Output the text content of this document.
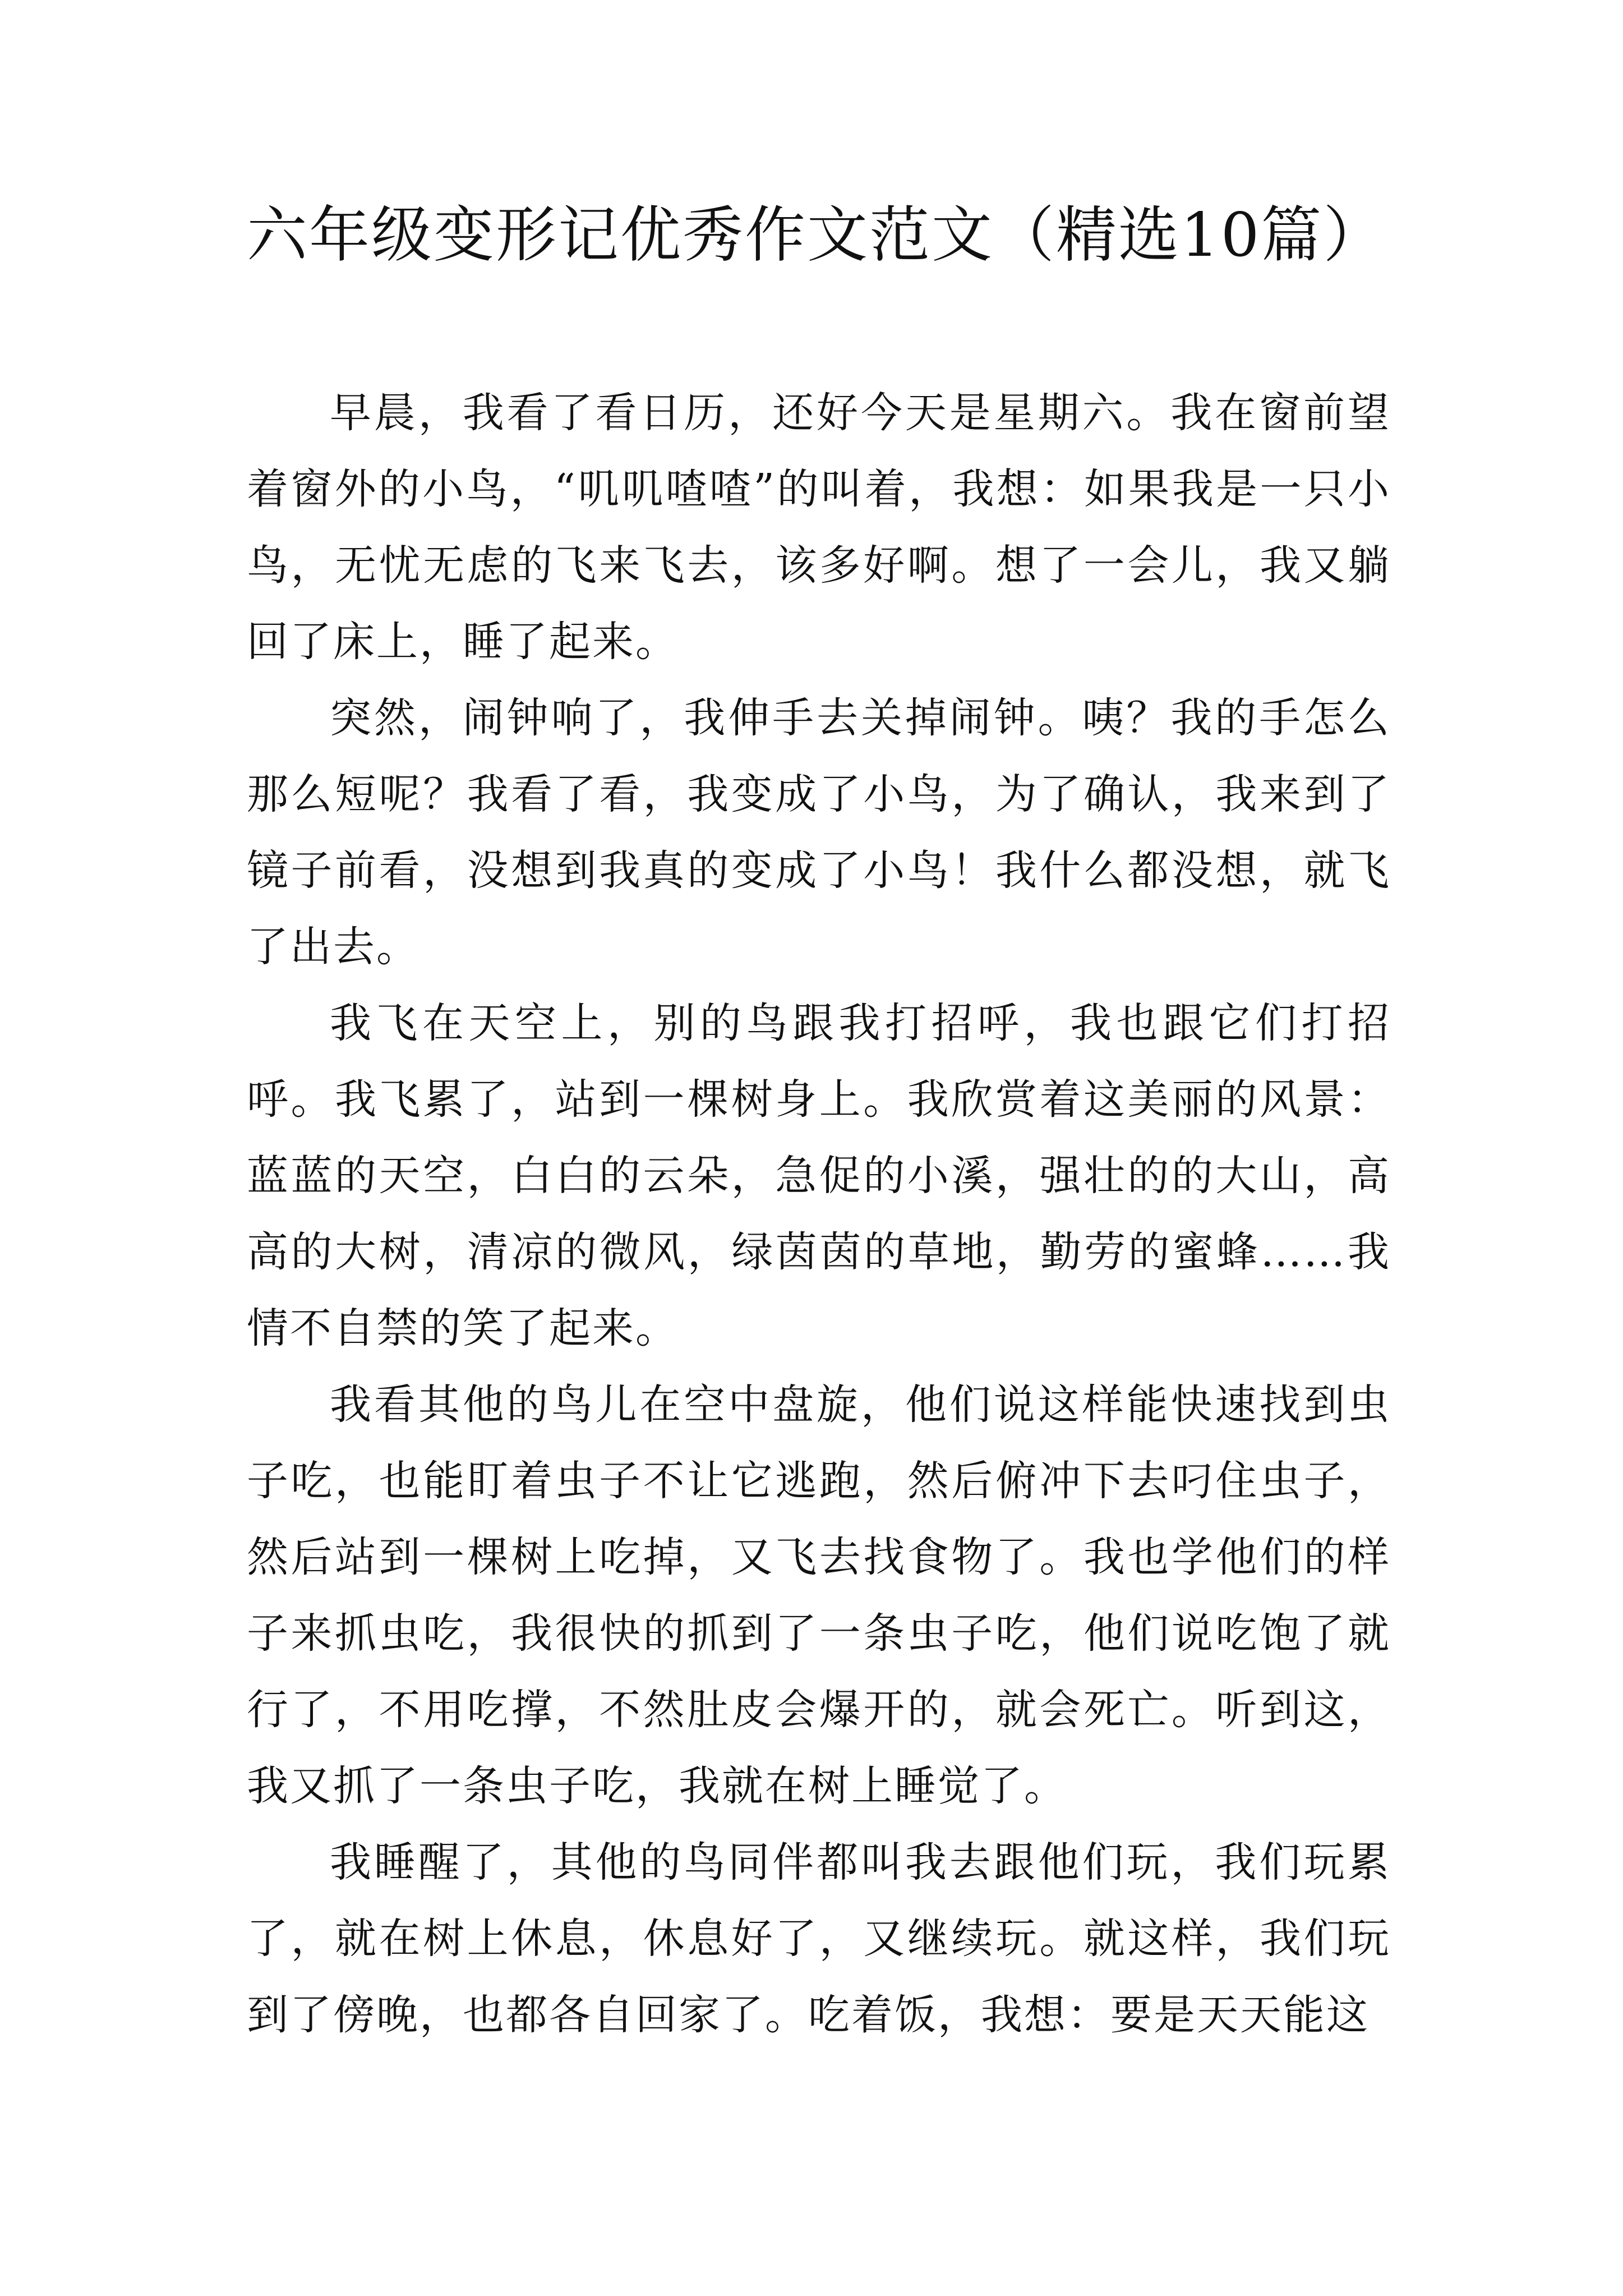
六年级变形记优秀作文范文（精选10篇）

早晨，我看了看日历，还好今天是星期六。我在窗前望着窗外的小鸟，“叽叽喳喳”的叫着，我想：如果我是一只小鸟，无忧无虑的飞来飞去，该多好啊。想了一会儿，我又躺回了床上，睡了起来。

突然，闹钟响了，我伸手去关掉闹钟。咦？我的手怎么那么短呢？我看了看，我变成了小鸟，为了确认，我来到了镜子前看，没想到我真的变成了小鸟！我什么都没想，就飞了出去。

我飞在天空上，别的鸟跟我打招呼，我也跟它们打招呼。我飞累了，站到一棵树身上。我欣赏着这美丽的风景：蓝蓝的天空，白白的云朵，急促的小溪，强壮的的大山，高高的大树，清凉的微风，绿茵茵的草地，勤劳的蜜蜂……我情不自禁的笑了起来。

我看其他的鸟儿在空中盘旋，他们说这样能快速找到虫子吃，也能盯着虫子不让它逃跑，然后俯冲下去叼住虫子，然后站到一棵树上吃掉，又飞去找食物了。我也学他们的样子来抓虫吃，我很快的抓到了一条虫子吃，他们说吃饱了就行了，不用吃撑，不然肚皮会爆开的，就会死亡。听到这，我又抓了一条虫子吃，我就在树上睡觉了。

我睡醒了，其他的鸟同伴都叫我去跟他们玩，我们玩累了，就在树上休息，休息好了，又继续玩。就这样，我们玩到了傍晚，也都各自回家了。吃着饭，我想：要是天天能这
